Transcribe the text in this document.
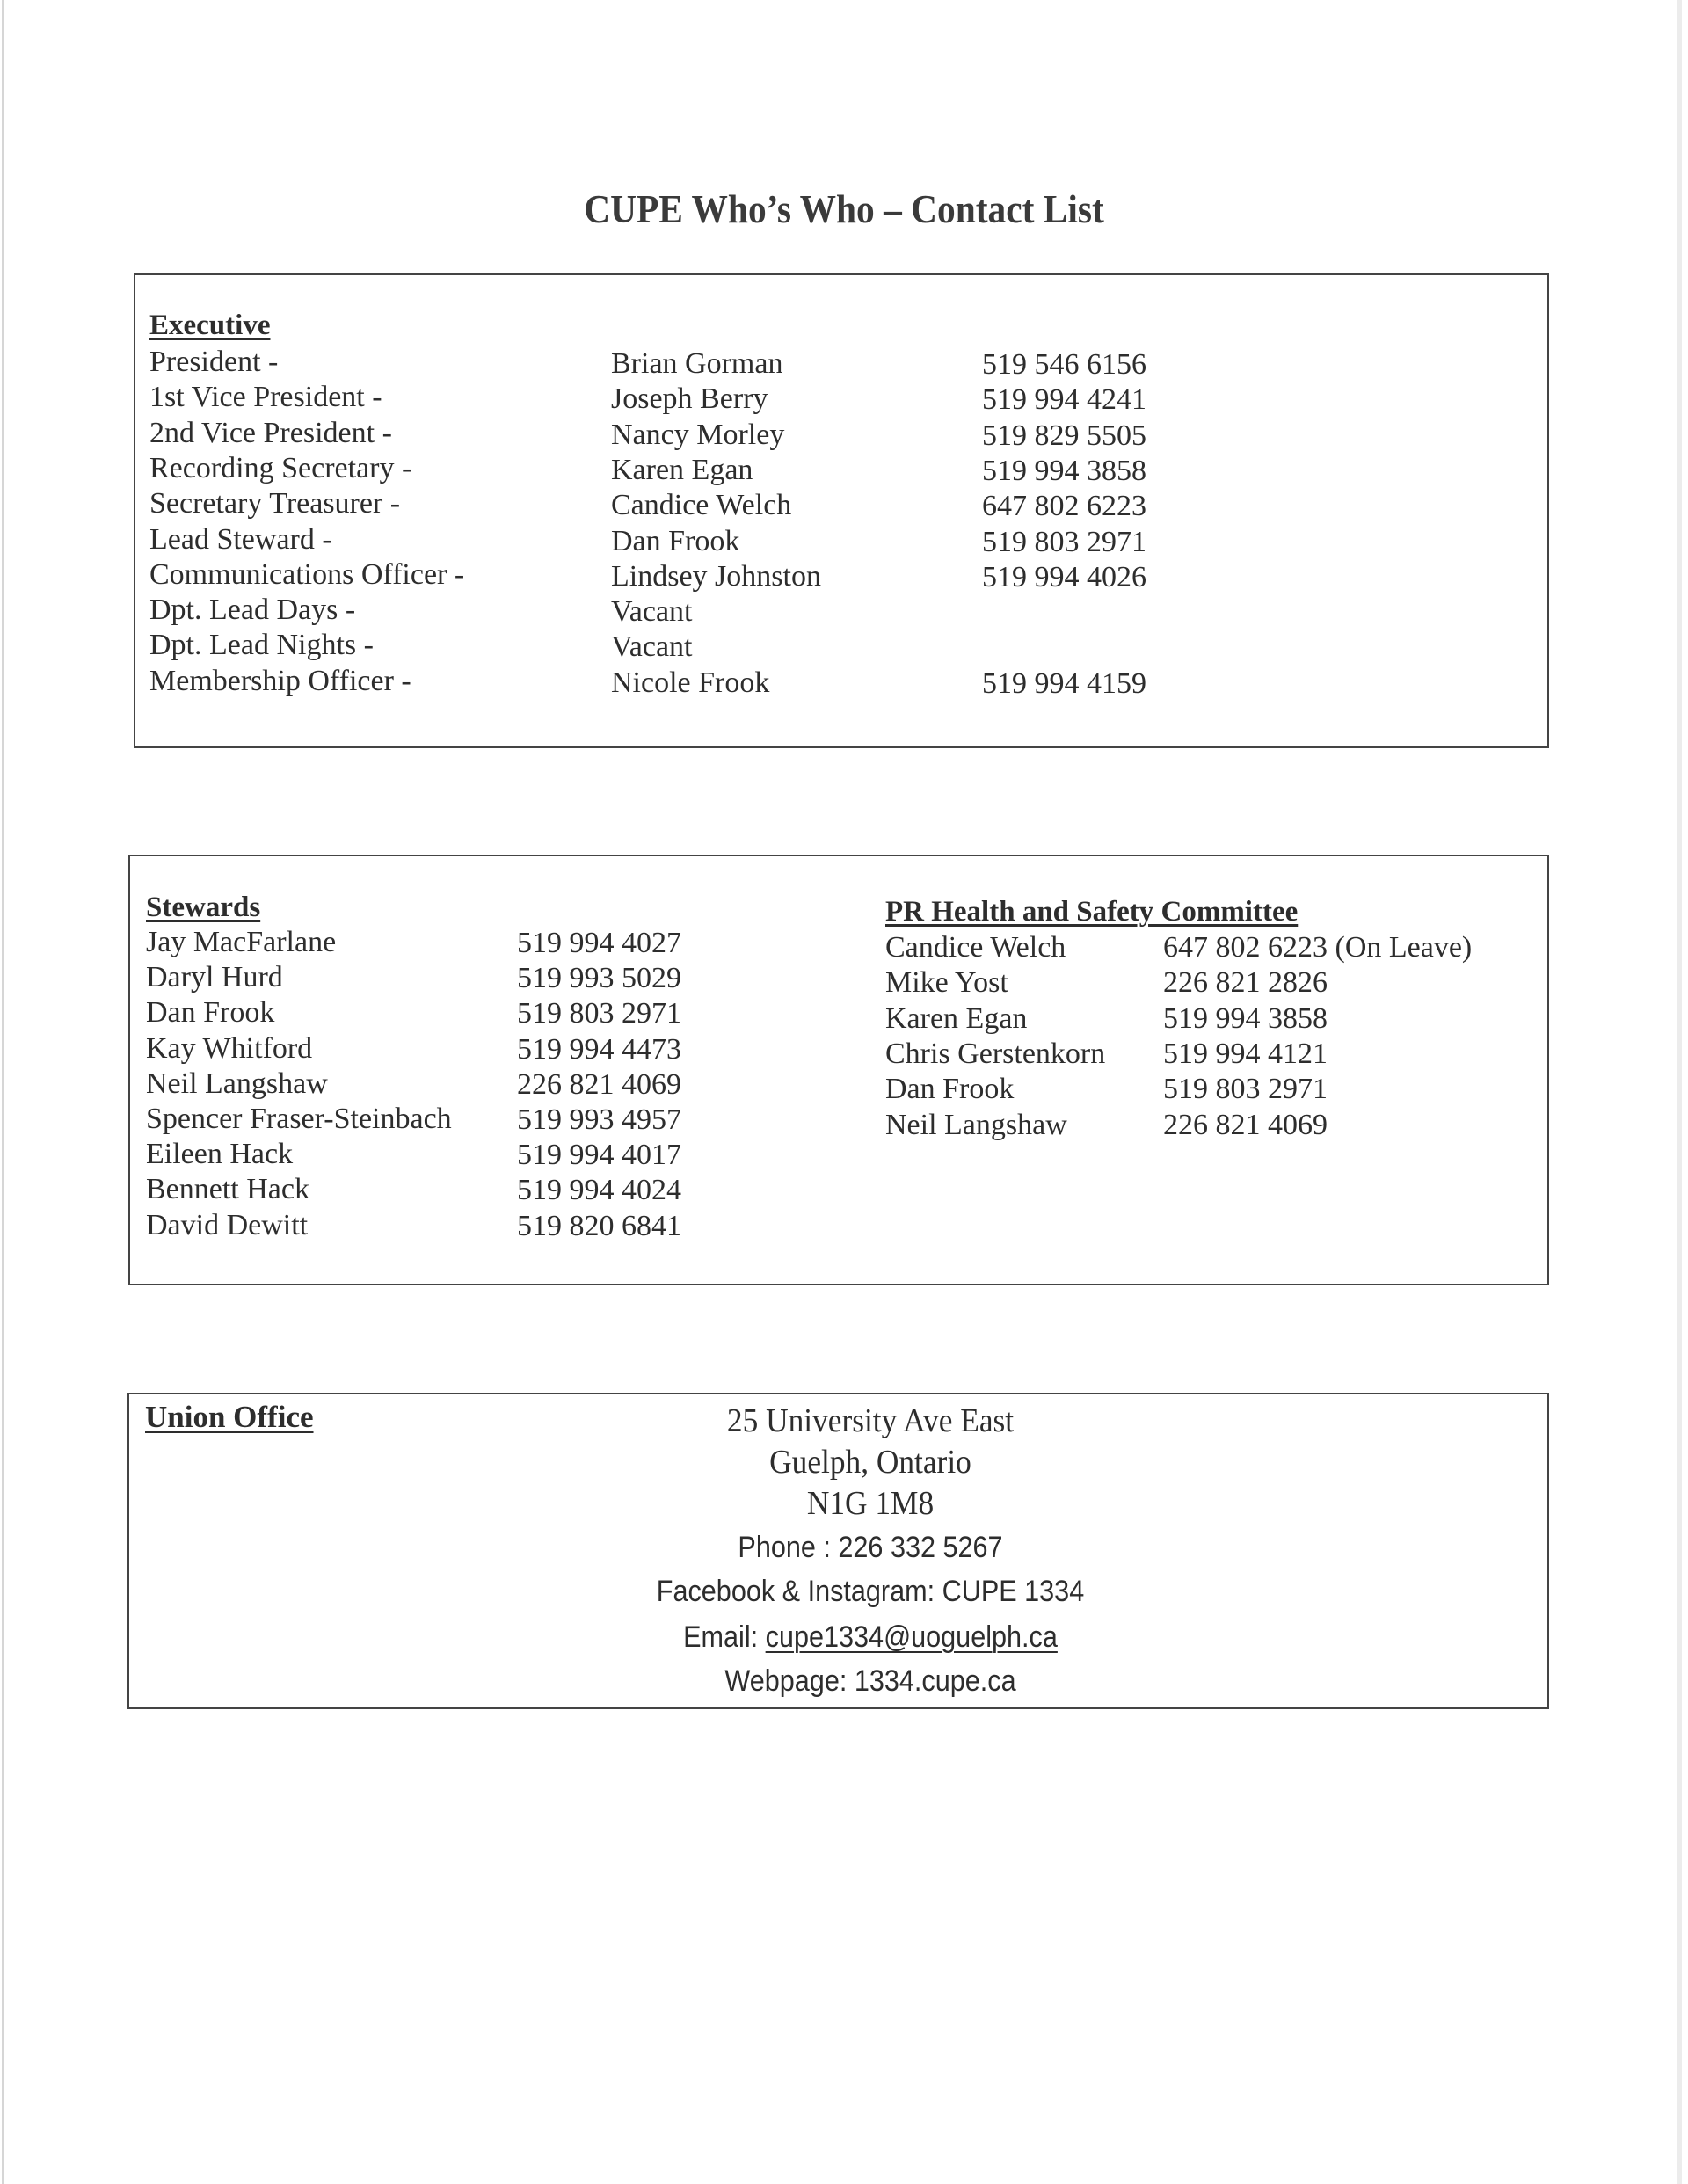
CUPE Who’s Who – Contact List
Executive
President -	Brian Gorman	519 546 6156
1st Vice President -	Joseph Berry	519 994 4241
2nd Vice President -	Nancy Morley	519 829 5505
Recording Secretary -	Karen Egan	519 994 3858
Secretary Treasurer -	Candice Welch	647 802 6223
Lead Steward -	Dan Frook	519 803 2971
Communications Officer -	Lindsey Johnston	519 994 4026
Dpt. Lead Days -	Vacant
Dpt. Lead Nights -	Vacant
Membership Officer -	Nicole Frook	519 994 4159
Stewards
Jay MacFarlane	519 994 4027
Daryl Hurd	519 993 5029
Dan Frook	519 803 2971
Kay Whitford	519 994 4473
Neil Langshaw	226 821 4069
Spencer Fraser-Steinbach 519 993 4957
Eileen Hack	519 994 4017
Bennett Hack	519 994 4024
David Dewitt	519 820 6841
PR Health and Safety Committee
Candice Welch	647 802 6223 (On Leave)
Mike Yost	226 821 2826
Karen Egan	519 994 3858
Chris Gerstenkorn 519 994 4121
Dan Frook	519 803 2971
Neil Langshaw	226 821 4069
Union Office	25 University Ave East
Guelph, Ontario
N1G 1M8
Phone : 226 332 5267
Facebook & Instagram: CUPE 1334
Email: cupe1334@uoguelph.ca
Webpage: 1334.cupe.ca
